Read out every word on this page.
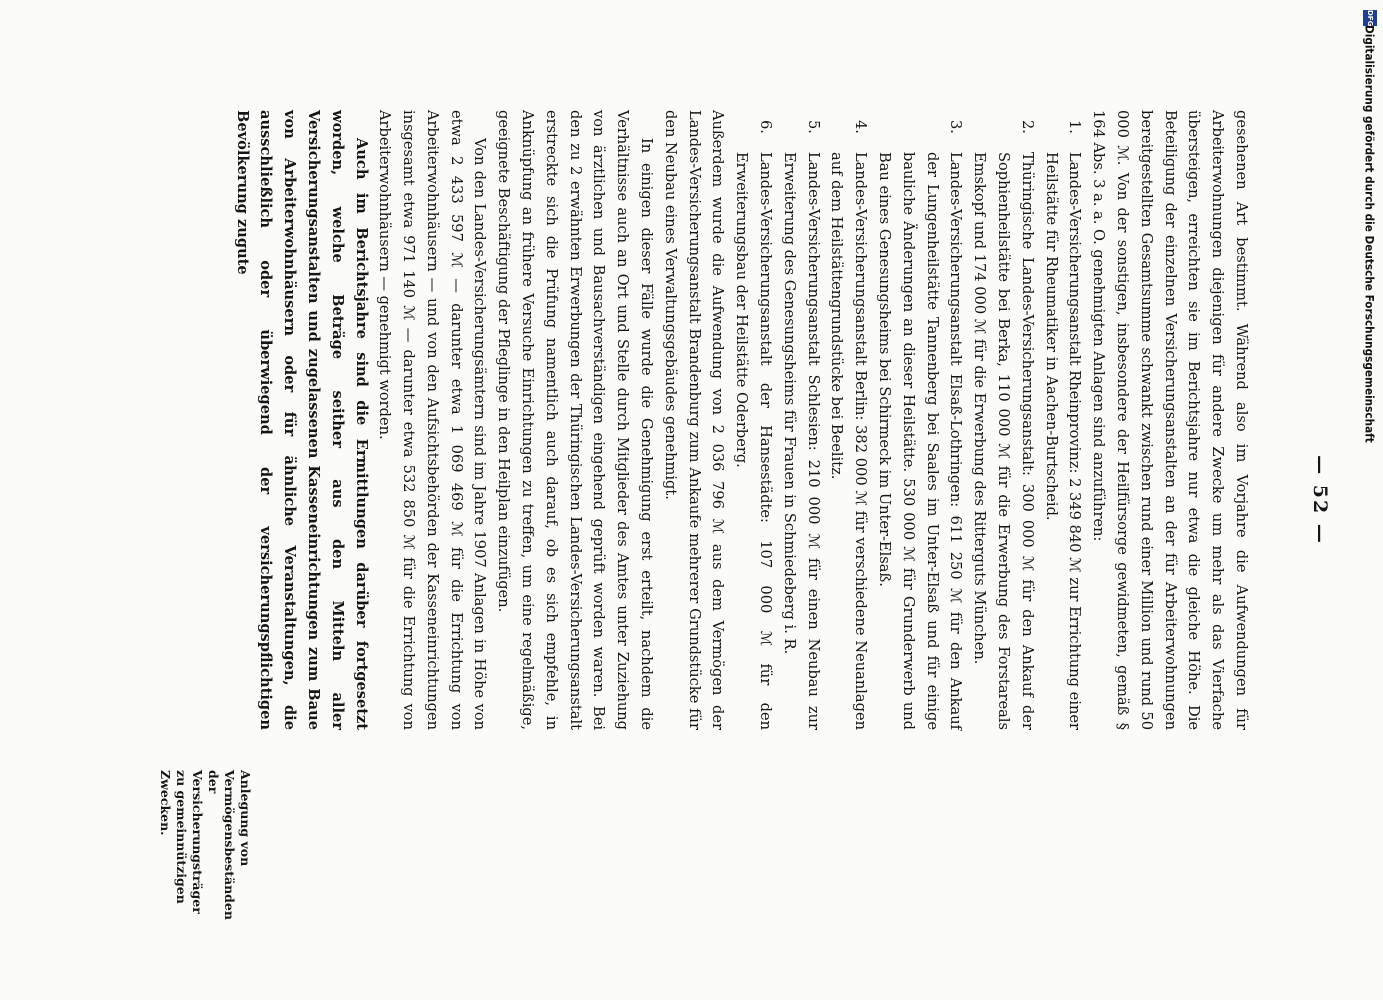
DFG
Digitalisierung gefördert durch die Deutsche Forschungsgemeinschaft
— 52 —

gesehenen Art bestimmt. Während also im Vorjahre die Aufwendungen für Arbeiterwohnungen diejenigen für andere Zwecke um mehr als das Vierfache übersteigen, erreichten sie im Berichtsjahre nur etwa die gleiche Höhe. Die Beteiligung der einzelnen Versicherungsanstalten an der für Arbeiterwohnungen bereitgestellten Gesamtsumme schwankt zwischen rund einer Million und rund 50 000 ℳ. Von der sonstigen, insbesondere der Heilfürsorge gewidmeten, gemäß § 164 Abs. 3 a. a. O. genehmigten Anlagen sind anzuführen:

1.
Landes-Versicherungsanstalt Rheinprovinz: 2 349 840 ℳ zur Errichtung einer Heilstätte für Rheumatiker in Aachen-Burtscheid.
2.
Thüringische Landes-Versicherungsanstalt: 300 000 ℳ für den Ankauf der Sophienheilstätte bei Berka, 110 000 ℳ für die Erwerbung des Forstareals Emskopf und 174 000 ℳ für die Erwerbung des Ritterguts München.
3.
Landes-Versicherungsanstalt Elsaß-Lothringen: 611 250 ℳ für den Ankauf der Lungenheilstätte Tannenberg bei Saales im Unter-Elsaß und für einige bauliche Änderungen an dieser Heilstätte. 530 000 ℳ für Grunderwerb und Bau eines Genesungsheims bei Schirmeck im Unter-Elsaß.
4.
Landes-Versicherungsanstalt Berlin: 382 000 ℳ für verschiedene Neuanlagen auf dem Heilstättengrundstücke bei Beelitz.
5.
Landes-Versicherungsanstalt Schlesien: 210 000 ℳ für einen Neubau zur Erweiterung des Genesungsheims für Frauen in Schmiedeberg i. R.
6.
Landes-Versicherungsanstalt der Hansestädte: 107 000 ℳ für den Erweiterungsbau der Heilstätte Oderberg.

Außerdem wurde die Aufwendung von 2 036 796 ℳ aus dem Vermögen der Landes-Versicherungsanstalt Brandenburg zum Ankaufe mehrerer Grundstücke für den Neubau eines Verwaltungsgebäudes genehmigt.

In einigen dieser Fälle wurde die Genehmigung erst erteilt, nachdem die Verhältnisse auch an Ort und Stelle durch Mitglieder des Amtes unter Zuziehung von ärztlichen und Bausachverständigen eingehend geprüft worden waren. Bei den zu 2 erwähnten Erwerbungen der Thüringischen Landes-Versicherungsanstalt erstreckte sich die Prüfung namentlich auch darauf, ob es sich empfehle, in Anknüpfung an frühere Versuche Einrichtungen zu treffen, um eine regelmäßige, geeignete Beschäftigung der Pfleglinge in den Heilplan einzufügen.

Von den Landes-Versicherungsämtern sind im Jahre 1907 Anlagen in Höhe von etwa 2 433 597 ℳ — darunter etwa 1 069 469 ℳ für die Errichtung von Arbeiterwohnhäusern — und von den Aufsichtsbehörden der Kasseneinrichtungen insgesamt etwa 971 140 ℳ — darunter etwa 532 850 ℳ für die Errichtung von Arbeiterwohnhäusern — genehmigt worden.

Auch im Berichtsjahre sind die Ermittlungen darüber fortgesetzt worden, welche Beträge seither aus den Mitteln aller Versicherungsanstalten und zugelassenen Kasseneinrichtungen zum Baue von Arbeiterwohnhäusern oder für ähnliche Veranstaltungen, die ausschließlich oder überwiegend der versicherungspflichtigen Bevölkerung zugute

Anlegung von Vermögensbeständen der Versicherungsträger zu gemeinnützigen Zwecken.
